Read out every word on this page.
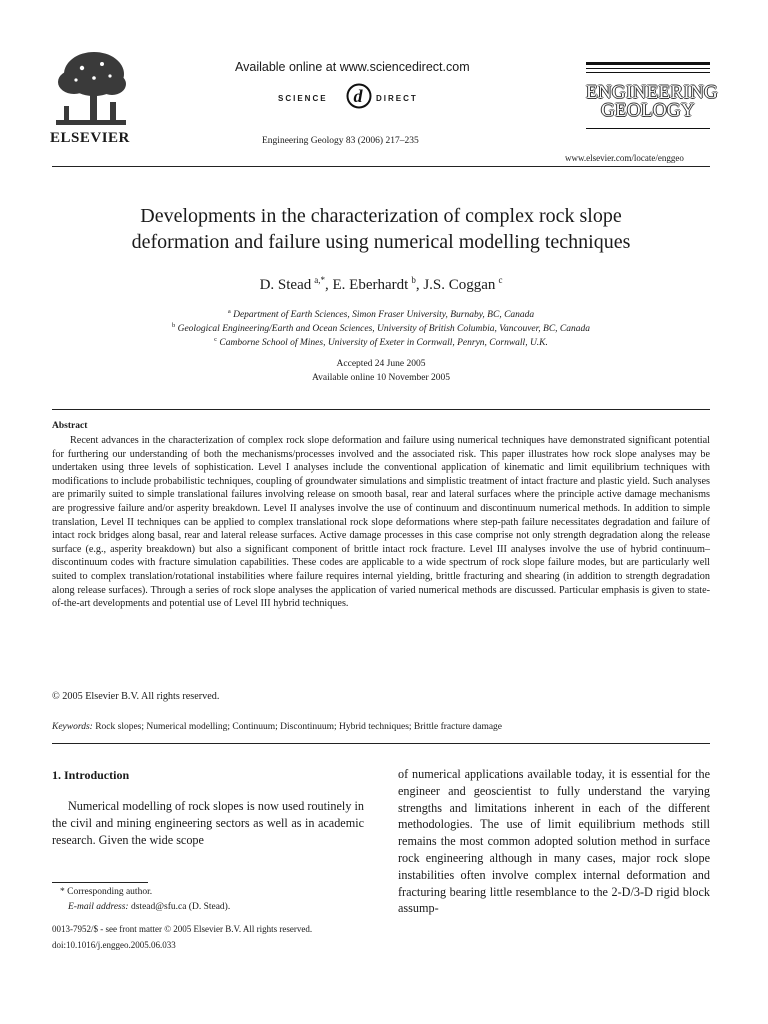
ELSEVIER
Available online at www.sciencedirect.com
SCIENCE d DIRECT
Engineering Geology 83 (2006) 217–235
ENGINEERING
GEOLOGY
www.elsevier.com/locate/enggeo
Developments in the characterization of complex rock slope
deformation and failure using numerical modelling techniques
D. Stead  $^{a,*}$, E. Eberhardt  $^b$, J.S. Coggan  $^c$
$^a$ Department of Earth Sciences, Simon Fraser University, Burnaby, BC, Canada
$^b$ Geological Engineering/Earth and Ocean Sciences, University of British Columbia, Vancouver, BC, Canada
$^c$ Camborne School of Mines, University of Exeter in Cornwall, Penryn, Cornwall, U.K.
Accepted 24 June 2005
Available online 10 November 2005
Abstract
Recent advances in the characterization of complex rock slope deformation and failure using numerical techniques have demonstrated significant potential for furthering our understanding of both the mechanisms/processes involved and the associated risk. This paper illustrates how rock slope analyses may be undertaken using three levels of sophistication. Level I analyses include the conventional application of kinematic and limit equilibrium techniques with modifications to include probabilistic techniques, coupling of groundwater simulations and simplistic treatment of intact fracture and plastic yield. Such analyses are primarily suited to simple translational failures involving release on smooth basal, rear and lateral surfaces where the principle active damage mechanisms are progressive failure and/or asperity breakdown. Level II analyses involve the use of continuum and discontinuum numerical methods. In addition to simple translation, Level II techniques can be applied to complex translational rock slope deformations where step-path failure necessitates degradation and failure of intact rock bridges along basal, rear and lateral release surfaces. Active damage processes in this case comprise not only strength degradation along the release surface (e.g., asperity breakdown) but also a significant component of brittle intact rock fracture. Level III analyses involve the use of hybrid continuum–discontinuum codes with fracture simulation capabilities. These codes are applicable to a wide spectrum of rock slope failure modes, but are particularly well suited to complex translation/rotational instabilities where failure requires internal yielding, brittle fracturing and shearing (in addition to strength degradation along release surfaces). Through a series of rock slope analyses the application of varied numerical methods are discussed. Particular emphasis is given to state-of-the-art developments and potential use of Level III hybrid techniques.
© 2005 Elsevier B.V. All rights reserved.
Keywords: Rock slopes; Numerical modelling; Continuum; Discontinuum; Hybrid techniques; Brittle fracture damage
1. Introduction
Numerical modelling of rock slopes is now used routinely in the civil and mining engineering sectors as well as in academic research. Given the wide scope
of numerical applications available today, it is essential for the engineer and geoscientist to fully understand the varying strengths and limitations inherent in each of the different methodologies. The use of limit equilibrium methods still remains the most common adopted solution method in surface rock engineering although in many cases, major rock slope instabilities often involve complex internal deformation and fracturing bearing little resemblance to the 2-D/3-D rigid block assump-
* Corresponding author.
E-mail address: dstead@sfu.ca (D. Stead).
0013-7952/$ - see front matter © 2005 Elsevier B.V. All rights reserved.
doi:10.1016/j.enggeo.2005.06.033
